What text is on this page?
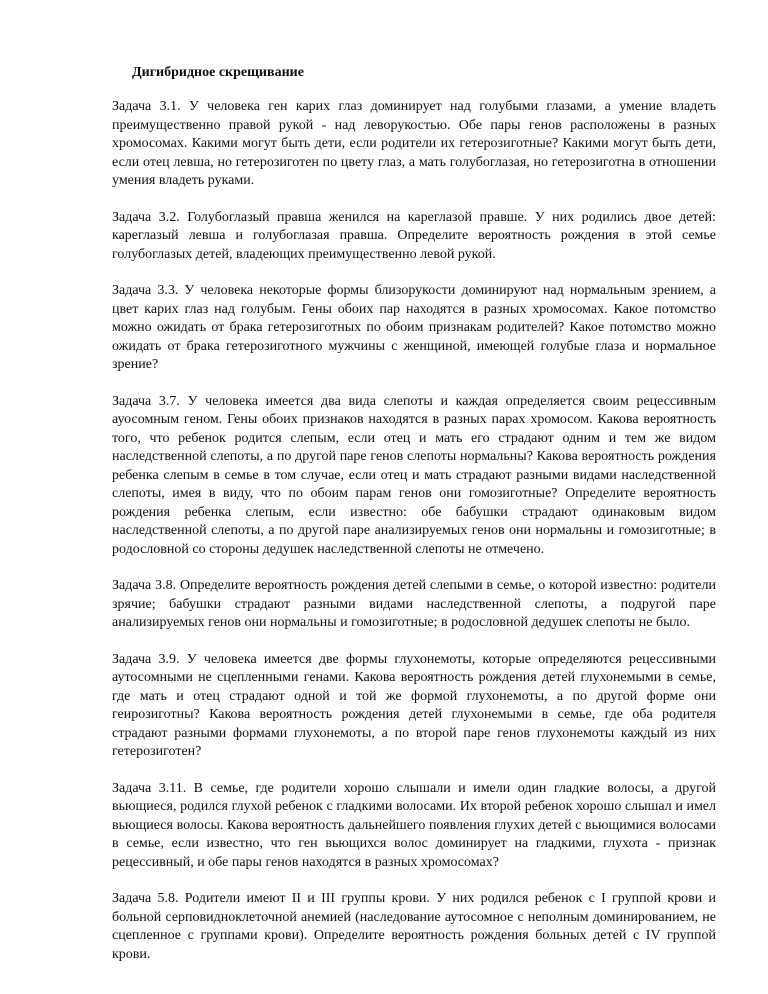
Дигибридное скрещивание

Задача 3.1. У человека ген карих глаз доминирует над голубыми глазами, а умение владеть преимущественно правой рукой - над леворукостью. Обе пары генов расположены в разных хромосомах. Какими могут быть дети, если родители их гетерозиготные? Какими могут быть дети, если отец левша, но гетерозиготен по цвету глаз, а мать голубоглазая, но гетерозиготна в отношении умения владеть руками.

Задача 3.2. Голубоглазый правша женился на кареглазой правше. У них родились двое детей: кареглазый левша и голубоглазая правша. Определите вероятность рождения в этой семье голубоглазых детей, владеющих преимущественно левой рукой.

Задача 3.3. У человека некоторые формы близорукости доминируют над нормальным зрением, а цвет карих глаз над голубым. Гены обоих пар находятся в разных хромосомах. Какое потомство можно ожидать от брака гетерозиготных по обоим признакам родителей? Какое потомство можно ожидать от брака гетерозиготного мужчины с женщиной, имеющей голубые глаза и нормальное зрение?

Задача 3.7. У человека имеется два вида слепоты и каждая определяется своим рецессивным ауосомным геном. Гены обоих признаков находятся в разных парах хромосом. Какова вероятность того, что ребенок родится слепым, если отец и мать его страдают одним и тем же видом наследственной слепоты, а по другой паре генов слепоты нормальны? Какова вероятность рождения ребенка слепым в семье в том случае, если отец и мать страдают разными видами наследственной слепоты, имея в виду, что по обоим парам генов они гомозиготные? Определите вероятность рождения ребенка слепым, если известно: обе бабушки страдают одинаковым видом наследственной слепоты, а по другой паре анализируемых генов они нормальны и гомозиготные; в родословной со стороны дедушек наследственной слепоты не отмечено.

Задача 3.8. Определите вероятность рождения детей слепыми в семье, о которой известно: родители зрячие; бабушки страдают разными видами наследственной слепоты, а подругой паре анализируемых генов они нормальны и гомозиготные; в родословной дедушек слепоты не было.

Задача 3.9. У человека имеется две формы глухонемоты, которые определяются рецессивными аутосомными не сцепленными генами. Какова вероятность рождения детей глухонемыми в семье, где мать и отец страдают одной и той же формой глухонемоты, а по другой форме они геирозиготны? Какова вероятность рождения детей глухонемыми в семье, где оба родителя страдают разными формами глухонемоты, а по второй паре генов глухонемоты каждый из них гетерозиготен?

Задача 3.11. В семье, где родители хорошо слышали и имели один гладкие волосы, а другой вьющиеся, родился глухой ребенок с гладкими волосами. Их второй ребенок хорошо слышал и имел вьющиеся волосы. Какова вероятность дальнейшего появления глухих детей с вьющимися волосами в семье, если известно, что ген вьющихся волос доминирует на гладкими, глухота - признак рецессивный, и обе пары генов находятся в разных хромосомах?

Задача 5.8. Родители имеют II и III группы крови. У них родился ребенок с I группой крови и больной серповидноклеточной анемией (наследование аутосомное с неполным доминированием, не сцепленное с группами крови). Определите вероятность рождения больных детей с IV группой крови.
